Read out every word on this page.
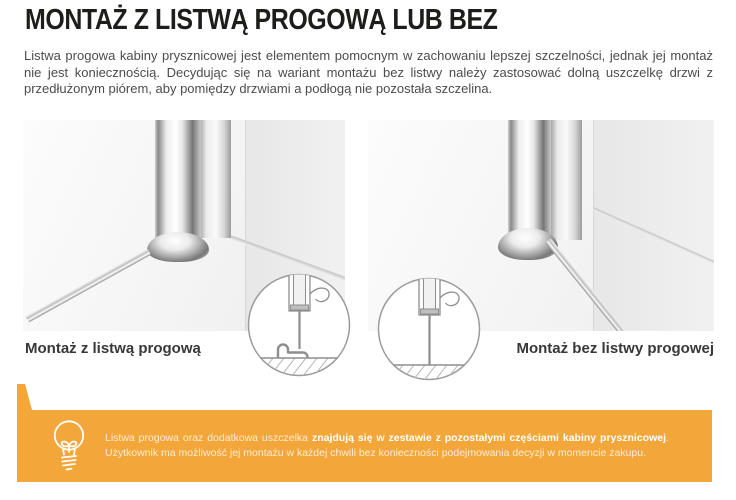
MONTAŻ Z LISTWĄ PROGOWĄ LUB BEZ

Listwa progowa kabiny prysznicowej jest elementem pomocnym w zachowaniu lepszej szczelności, jednak jej montaż nie jest koniecznością. Decydując się na wariant montażu bez listwy należy zastosować dolną uszczelkę drzwi z przedłużonym piórem, aby pomiędzy drzwiami a podłogą nie pozostała szczelina.

Montaż z listwą progową	Montaż bez listwy progowej
Listwa progowa oraz dodatkowa uszczelka znajdują się w zestawie z pozostałymi częściami kabiny prysznicowej.
Użytkownik ma możliwość jej montażu w każdej chwili bez konieczności podejmowania decyzji w momencie zakupu.
